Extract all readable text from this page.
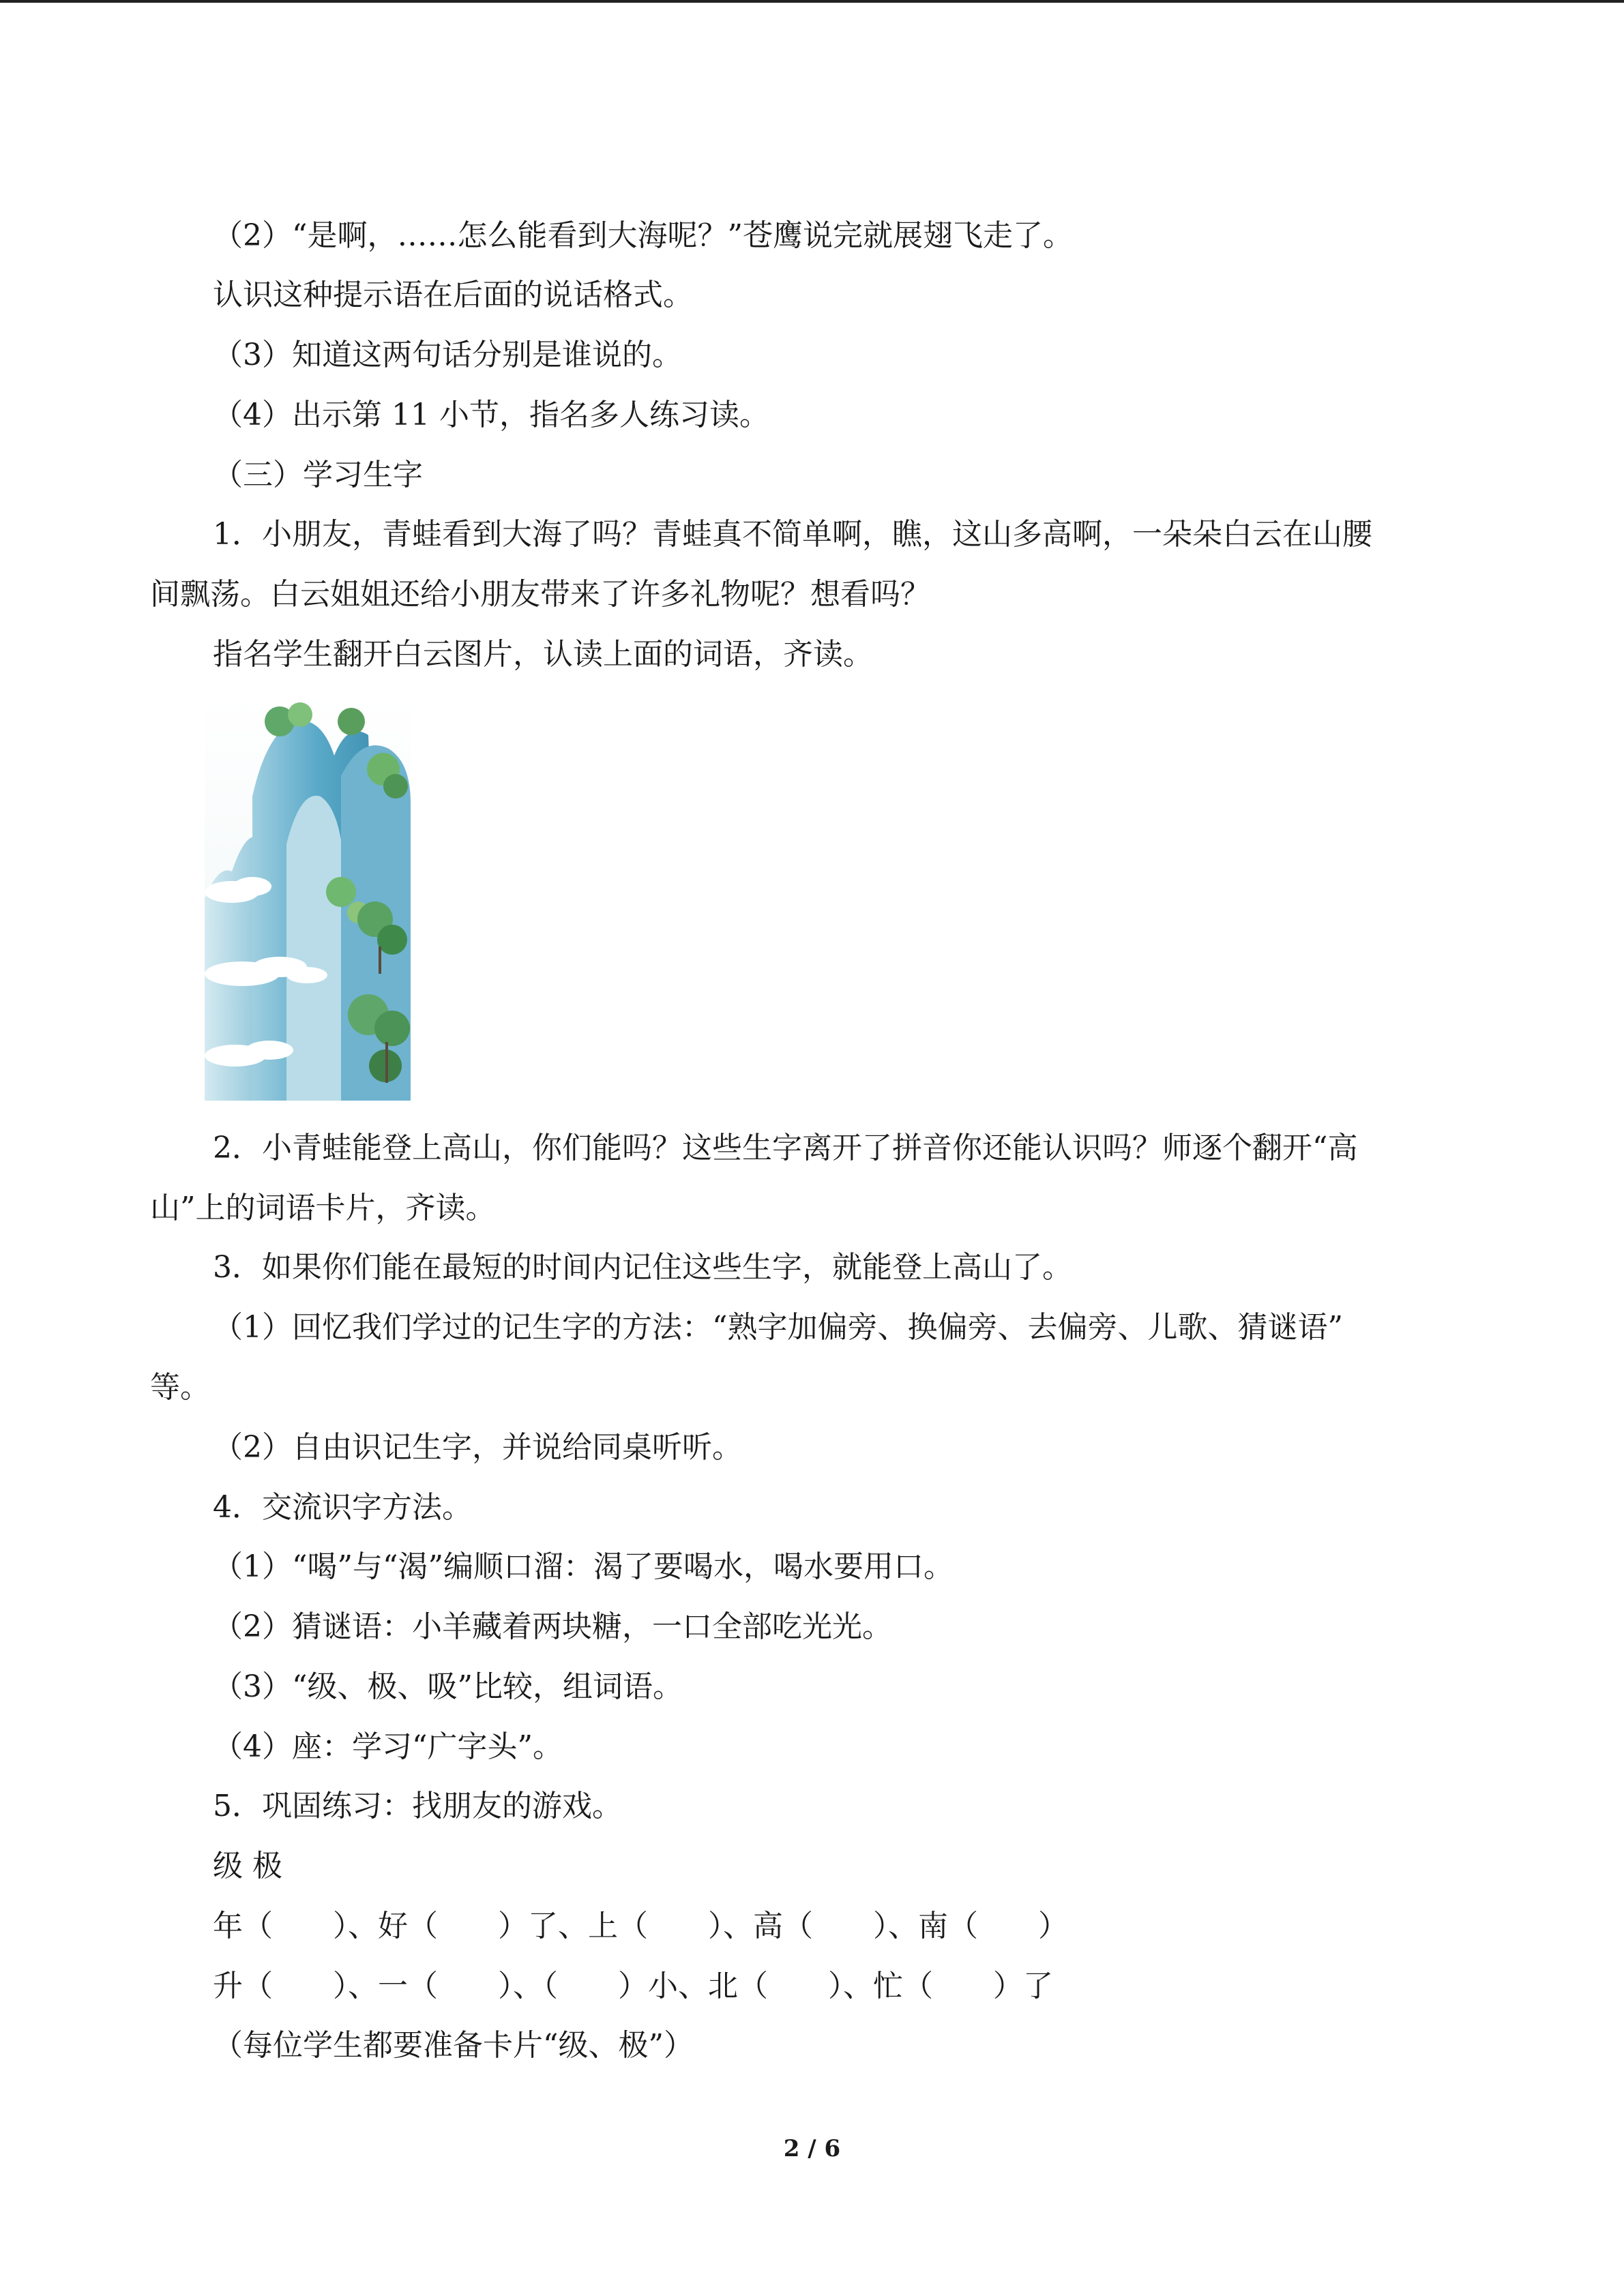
（2）“是啊，……怎么能看到大海呢？”苍鹰说完就展翅飞走了。
认识这种提示语在后面的说话格式。
（3）知道这两句话分别是谁说的。
（4）出示第 11 小节，指名多人练习读。
（三）学习生字
1．小朋友，青蛙看到大海了吗？青蛙真不简单啊，瞧，这山多高啊，一朵朵白云在山腰
间飘荡。白云姐姐还给小朋友带来了许多礼物呢？想看吗？
指名学生翻开白云图片，认读上面的词语，齐读。
2．小青蛙能登上高山，你们能吗？这些生字离开了拼音你还能认识吗？师逐个翻开“高
山”上的词语卡片，齐读。
3．如果你们能在最短的时间内记住这些生字，就能登上高山了。
（1）回忆我们学过的记生字的方法：“熟字加偏旁、换偏旁、去偏旁、儿歌、猜谜语”
等。
（2）自由识记生字，并说给同桌听听。
4．交流识字方法。
（1）“喝”与“渴”编顺口溜：渴了要喝水，喝水要用口。
（2）猜谜语：小羊藏着两块糖，一口全部吃光光。
（3）“级、极、吸”比较，组词语。
（4）座：学习“广字头”。
5．巩固练习：找朋友的游戏。
级 极
年（　　）、好（　　）了、上（　　）、高（　　）、南（　　）
升（　　）、一（　　）、（　　）小、北（　　）、忙（　　）了
（每位学生都要准备卡片“级、极”）
2 / 6
